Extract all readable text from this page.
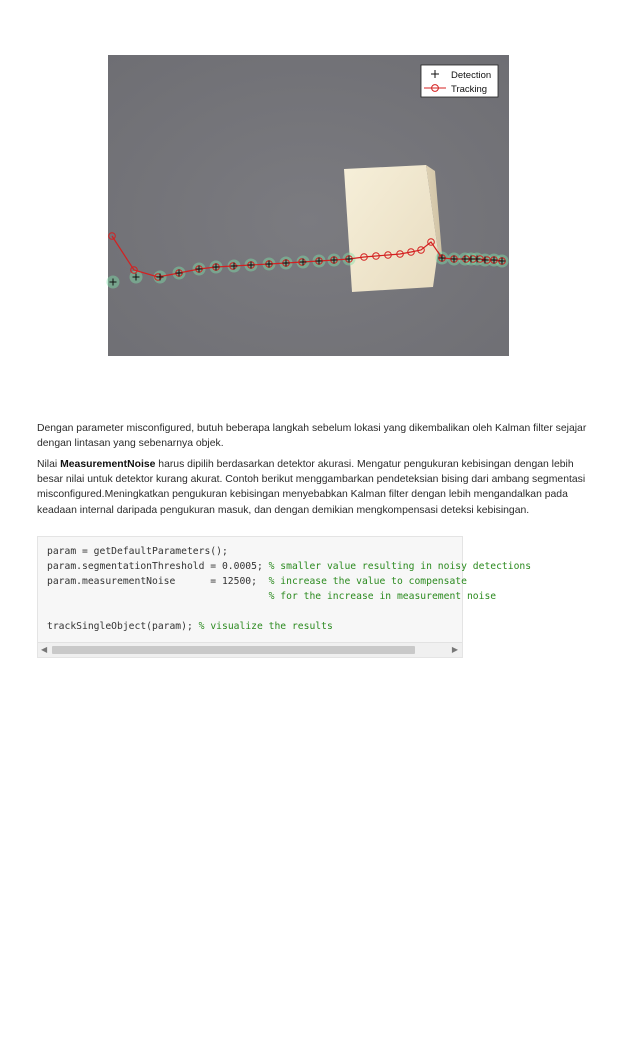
Detection
Tracking

Dengan parameter misconfigured, butuh beberapa langkah sebelum lokasi yang dikembalikan oleh Kalman filter sejajar dengan lintasan yang sebenarnya objek.

Nilai MeasurementNoise harus dipilih berdasarkan detektor akurasi. Mengatur pengukuran kebisingan dengan lebih besar nilai untuk detektor kurang akurat. Contoh berikut menggambarkan pendeteksian bising dari ambang segmentasi misconfigured.Meningkatkan pengukuran kebisingan menyebabkan Kalman filter dengan lebih mengandalkan pada keadaan internal daripada pengukuran masuk, dan dengan demikian mengkompensasi deteksi kebisingan.

param = getDefaultParameters();
param.segmentationThreshold = 0.0005; % smaller value resulting in noisy detections
param.measurementNoise      = 12500;  % increase the value to compensate
% for the increase in measurement noise

trackSingleObject(param); % visualize the results
◀	▶
